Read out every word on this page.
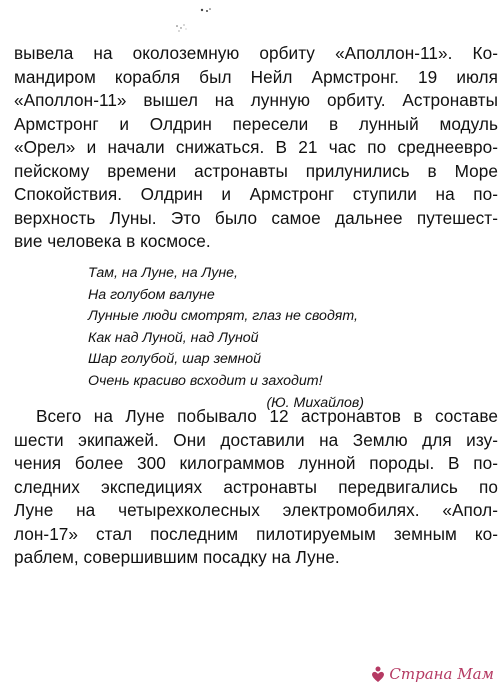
вывела на околоземную орбиту «Аполлон-11». Ко-
мандиром корабля был Нейл Армстронг. 19 июля
«Аполлон-11» вышел на лунную орбиту. Астронавты
Армстронг и Олдрин пересели в лунный модуль
«Орел» и начали снижаться. В 21 час по среднеевро-
пейскому времени астронавты прилунились в Море
Спокойствия. Олдрин и Армстронг ступили на по-
верхность Луны. Это было самое дальнее путешест-
вие человека в космосе.
Там, на Луне, на Луне,
На голубом валуне
Лунные люди смотрят, глаз не сводят,
Как над Луной, над Луной
Шар голубой, шар земной
Очень красиво всходит и заходит!
(Ю. Михайлов)
Всего на Луне побывало 12 астронавтов в составе
шести экипажей. Они доставили на Землю для изу-
чения более 300 килограммов лунной породы. В по-
следних экспедициях астронавты передвигались по
Луне на четырехколесных электромобилях. «Апол-
лон-17» стал последним пилотируемым земным ко-
раблем, совершившим посадку на Луне.
Страна Мам
